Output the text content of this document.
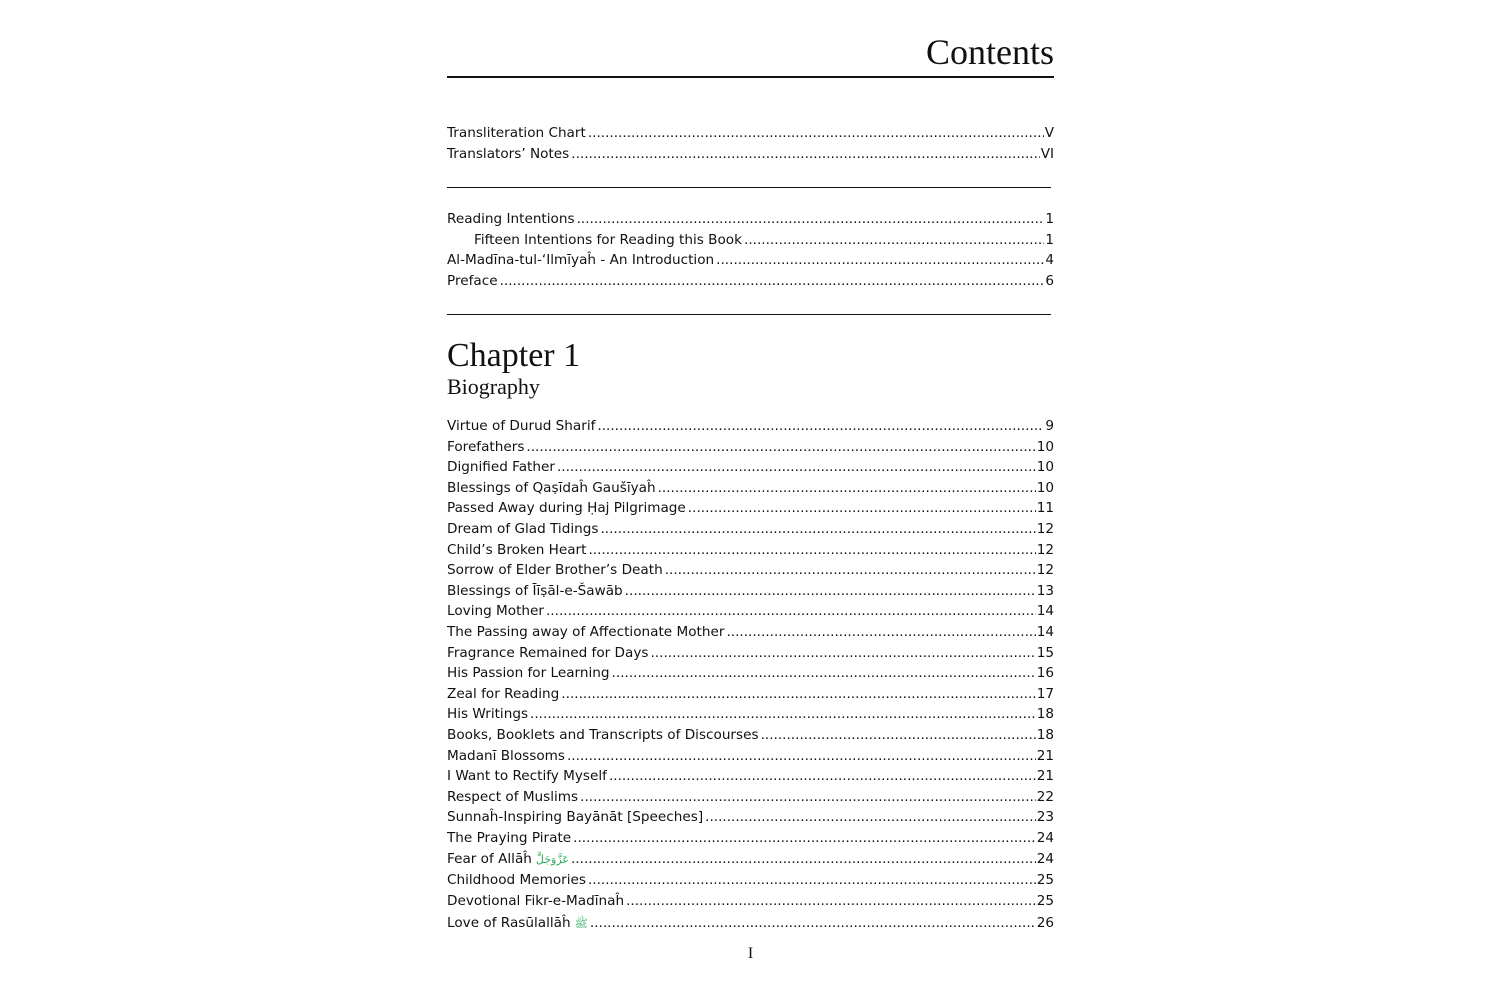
Contents
Transliteration Chart .....	V
Translators’ Notes .....	VI
Reading Intentions .....	1
Fifteen Intentions for Reading this Book .....	1
Al-Madīna-tul-‘Ilmīyaĥ - An Introduction .....	4
Preface .....	6
Chapter 1
Biography
Virtue of Durud Sharif .....	9
Forefathers .....	10
Dignified Father .....	10
Blessings of Qaṣīdaĥ Gaušīyaĥ .....	10
Passed Away during Ḥaj Pilgrimage .....	11
Dream of Glad Tidings .....	12
Child’s Broken Heart .....	12
Sorrow of Elder Brother’s Death .....	12
Blessings of Īīṣāl-e-Šawāb .....	13
Loving Mother .....	14
The Passing away of Affectionate Mother .....	14
Fragrance Remained for Days .....	15
His Passion for Learning .....	16
Zeal for Reading .....	17
His Writings .....	18
Books, Booklets and Transcripts of Discourses .....	18
Madanī Blossoms .....	21
I Want to Rectify Myself .....	21
Respect of Muslims .....	22
Sunnaĥ-Inspiring Bayānāt [Speeches] .....	23
The Praying Pirate .....	24
Fear of Allāĥ عَزَّوَجَلَّ .....	24
Childhood Memories .....	25
Devotional Fikr-e-Madīnaĥ .....	25
Love of Rasūlallāĥ ﷺ .....	26
I
